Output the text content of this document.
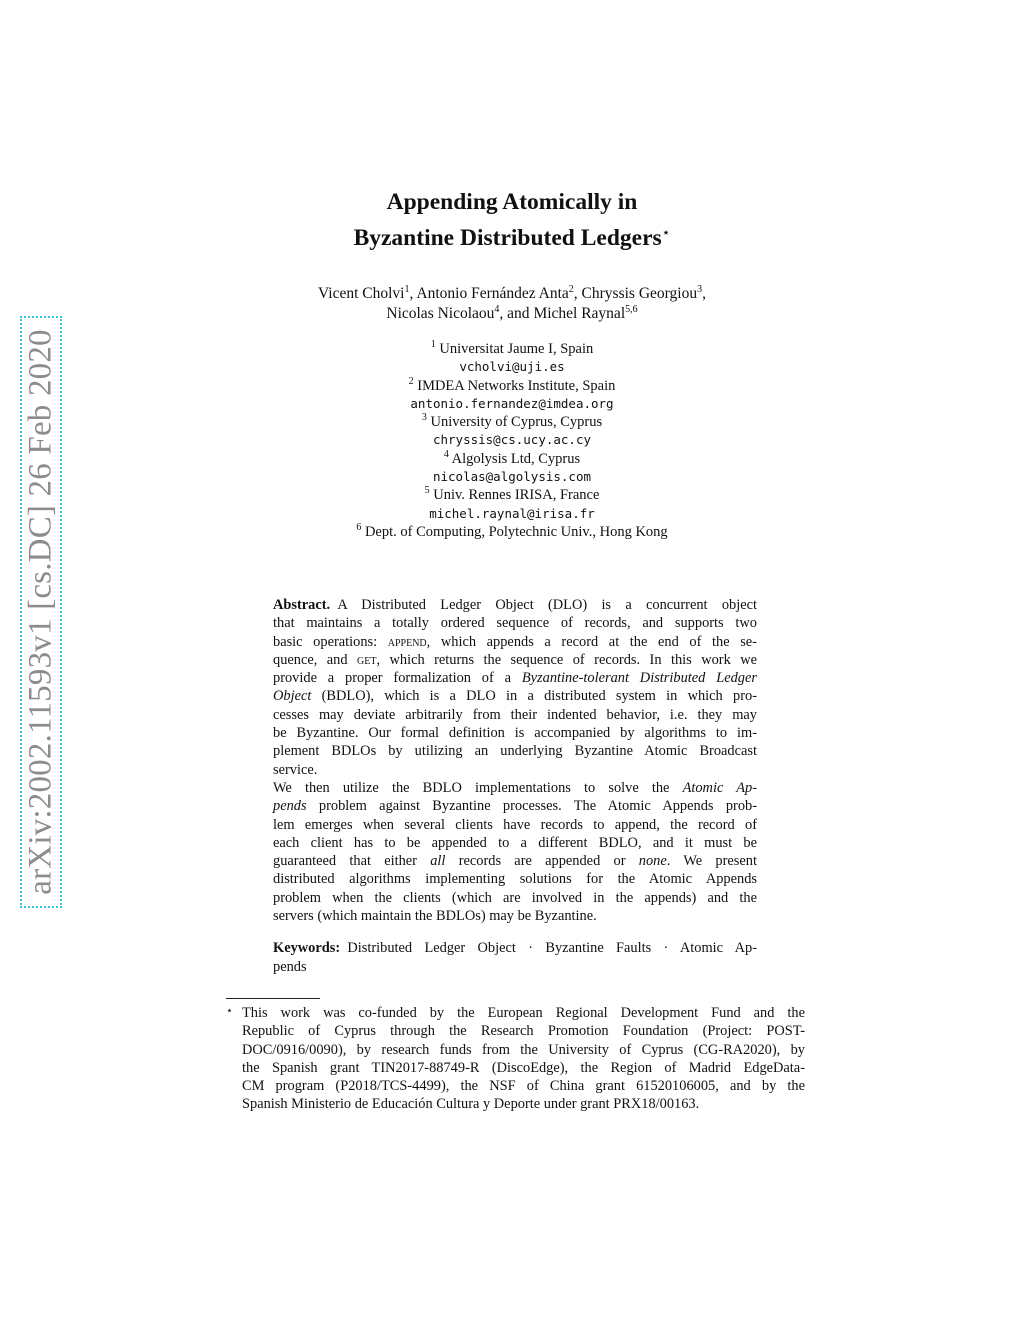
arXiv:2002.11593v1 [cs.DC] 26 Feb 2020
Appending Atomically in
Byzantine Distributed Ledgers⋆
Vicent Cholvi$^1$, Antonio Fernández Anta$^2$, Chryssis Georgiou$^3$,
Nicolas Nicolaou$^4$, and Michel Raynal$^{5,6}$
$^1$ Universitat Jaume I, Spain
vcholvi@uji.es
$^2$ IMDEA Networks Institute, Spain
antonio.fernandez@imdea.org
$^3$ University of Cyprus, Cyprus
chryssis@cs.ucy.ac.cy
$^4$ Algolysis Ltd, Cyprus
nicolas@algolysis.com
$^5$ Univ. Rennes IRISA, France
michel.raynal@irisa.fr
$^6$ Dept. of Computing, Polytechnic Univ., Hong Kong
Abstract.  A Distributed Ledger Object (DLO) is a concurrent object
that maintains a totally ordered sequence of records, and supports two
basic operations: append, which appends a record at the end of the se-
quence, and get, which returns the sequence of records. In this work we
provide a proper formalization of a Byzantine-tolerant Distributed Ledger
Object (BDLO), which is a DLO in a distributed system in which pro-
cesses may deviate arbitrarily from their indented behavior, i.e. they may
be Byzantine. Our formal definition is accompanied by algorithms to im-
plement BDLOs by utilizing an underlying Byzantine Atomic Broadcast
service.
We then utilize the BDLO implementations to solve the Atomic Ap-
pends problem against Byzantine processes. The Atomic Appends prob-
lem emerges when several clients have records to append, the record of
each client has to be appended to a different BDLO, and it must be
guaranteed that either all records are appended or none. We present
distributed algorithms implementing solutions for the Atomic Appends
problem when the clients (which are involved in the appends) and the
servers (which maintain the BDLOs) may be Byzantine.
Keywords:  Distributed Ledger Object · Byzantine Faults · Atomic Ap-
pends
⋆ This work was co-funded by the European Regional Development Fund and the
Republic of Cyprus through the Research Promotion Foundation (Project: POST-
DOC/0916/0090), by research funds from the University of Cyprus (CG-RA2020), by
the Spanish grant TIN2017-88749-R (DiscoEdge), the Region of Madrid EdgeData-
CM program (P2018/TCS-4499), the NSF of China grant 61520106005, and by the
Spanish Ministerio de Educación Cultura y Deporte under grant PRX18/00163.
